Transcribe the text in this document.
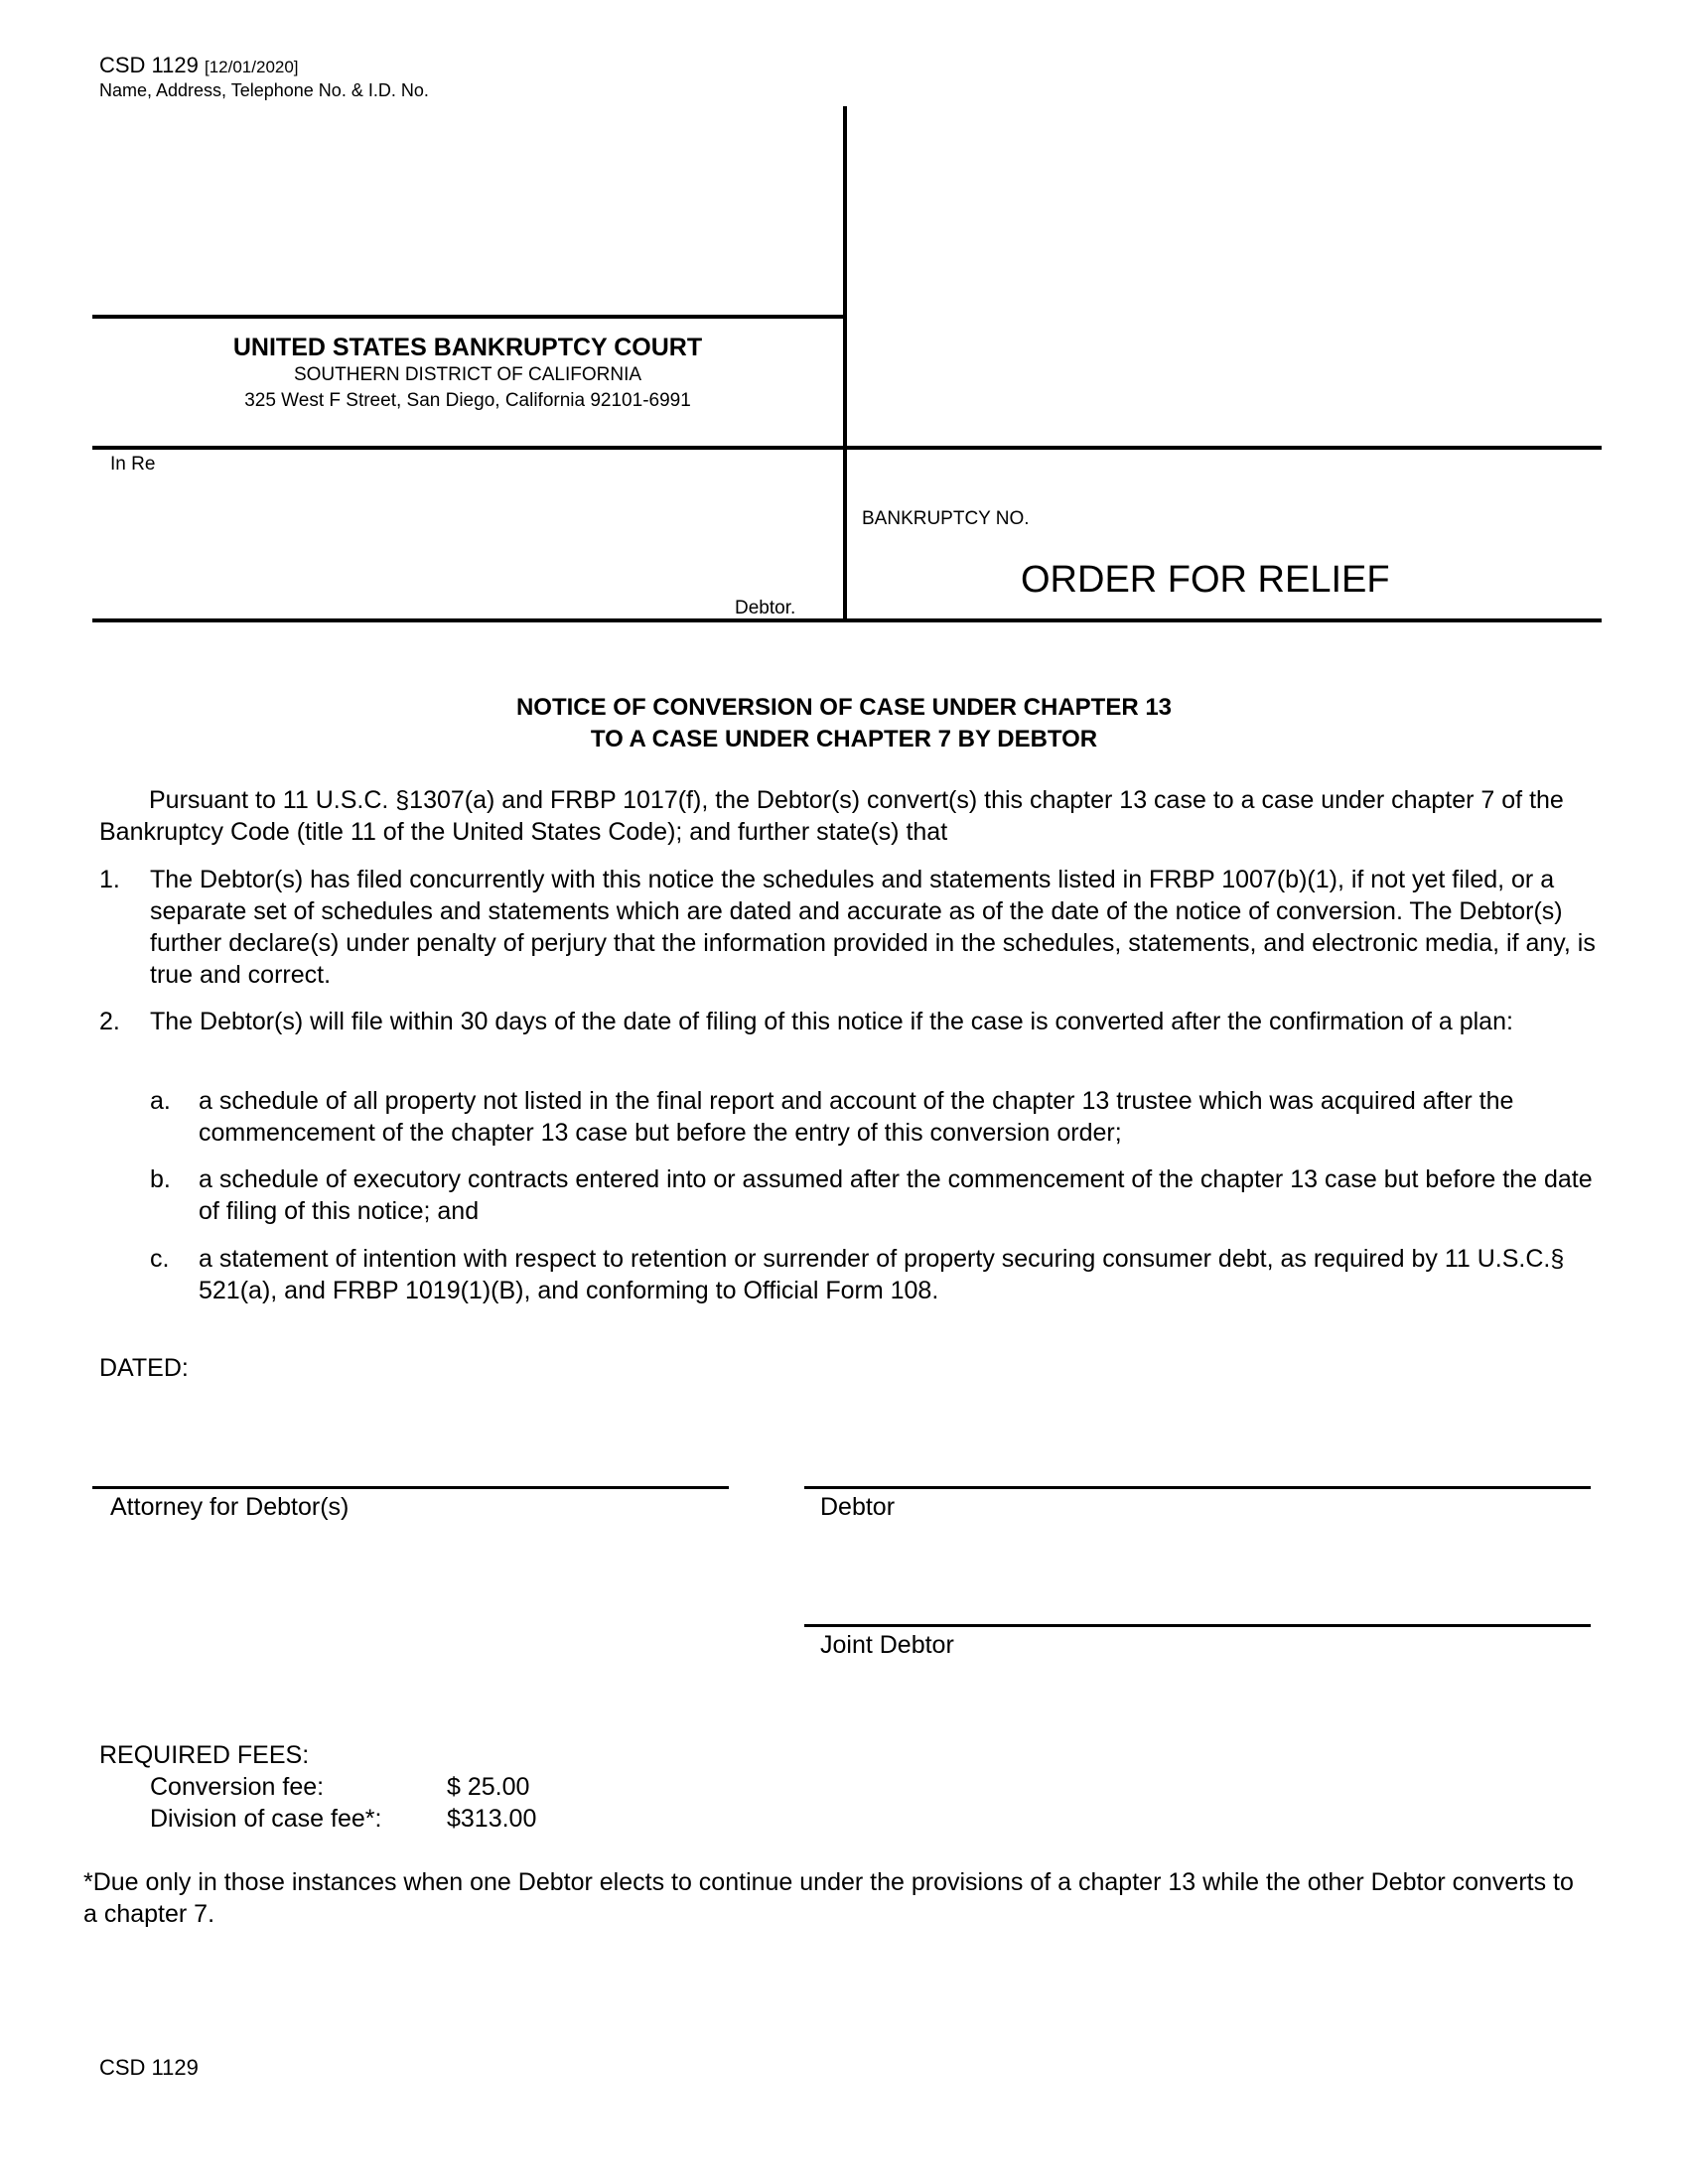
CSD 1129 [12/01/2020]
Name, Address, Telephone No. & I.D. No.
UNITED STATES BANKRUPTCY COURT
SOUTHERN DISTRICT OF CALIFORNIA
325 West F Street, San Diego, California 92101-6991
In Re
Debtor.
BANKRUPTCY NO.
ORDER FOR RELIEF
NOTICE OF CONVERSION OF CASE UNDER CHAPTER 13
TO A CASE UNDER CHAPTER 7 BY DEBTOR
Pursuant to 11 U.S.C. §1307(a) and FRBP 1017(f), the Debtor(s) convert(s) this chapter 13 case to a case under chapter 7 of the Bankruptcy Code (title 11 of the United States Code); and further state(s) that
1. The Debtor(s) has filed concurrently with this notice the schedules and statements listed in FRBP 1007(b)(1), if not yet filed, or a separate set of schedules and statements which are dated and accurate as of the date of the notice of conversion. The Debtor(s) further declare(s) under penalty of perjury that the information provided in the schedules, statements, and electronic media, if any, is true and correct.
2. The Debtor(s) will file within 30 days of the date of filing of this notice if the case is converted after the confirmation of a plan:
a. a schedule of all property not listed in the final report and account of the chapter 13 trustee which was acquired after the commencement of the chapter 13 case but before the entry of this conversion order;
b. a schedule of executory contracts entered into or assumed after the commencement of the chapter 13 case but before the date of filing of this notice; and
c. a statement of intention with respect to retention or surrender of property securing consumer debt, as required by 11 U.S.C.§ 521(a), and FRBP 1019(1)(B), and conforming to Official Form 108.
DATED:
Attorney for Debtor(s)	Debtor
Joint Debtor
REQUIRED FEES:
Conversion fee:	$ 25.00
Division of case fee*:	$313.00
*Due only in those instances when one Debtor elects to continue under the provisions of a chapter 13 while the other Debtor converts to a chapter 7.
CSD 1129
